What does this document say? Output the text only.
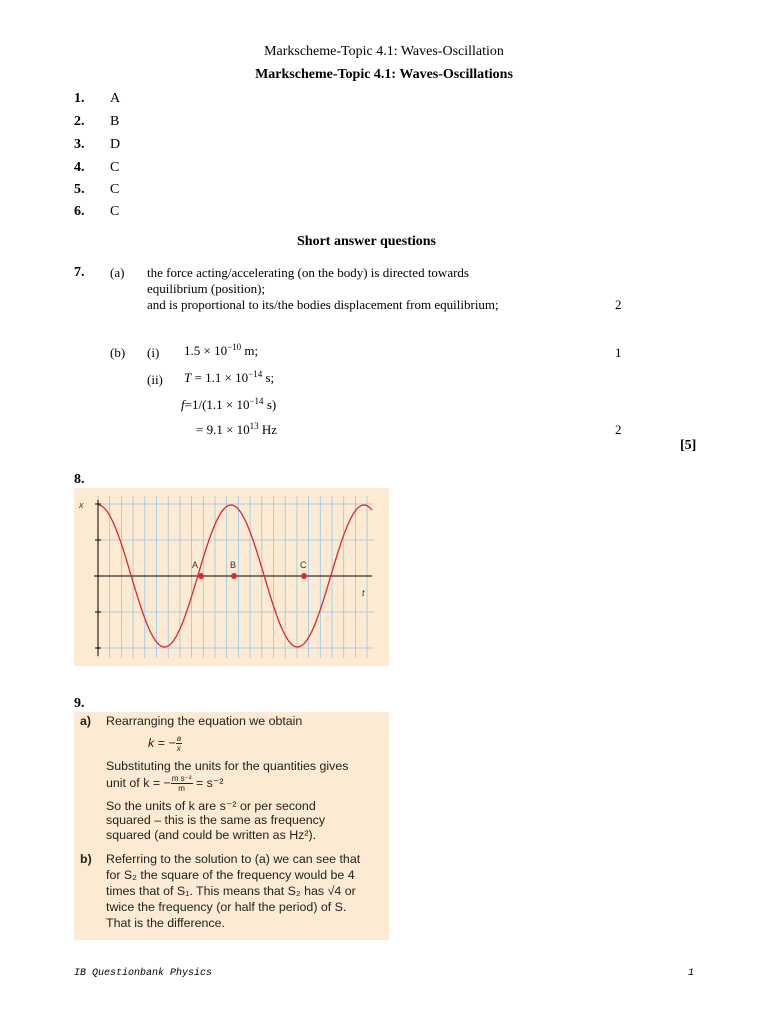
Markscheme-Topic 4.1: Waves-Oscillation
Markscheme-Topic 4.1: Waves-Oscillations
1. A
2. B
3. D
4. C
5. C
6. C
Short answer questions
7. (a) the force acting/accelerating (on the body) is directed towards
equilibrium (position);
and is proportional to its/the bodies displacement from equilibrium;	2
(b) (i) $1.5 \times 10^{-10}$ m;	1
(ii) $T = 1.1 \times 10^{-14}$ s;
$f=1/(1.1 \times 10^{-14}$ s)
= $9.1 \times 10^{13}$ Hz	2
[5]
8.
x
t
A	B	C
9.
a) Rearranging the equation we obtain
k = − $\frac{a}{x}$
Substituting the units for the quantities gives
unit of k = − $\frac{\text{m s⁻²}}{m} = s^{-2}$
So the units of k are s⁻² or per second
squared – this is the same as frequency
squared (and could be written as Hz²).
b) Referring to the solution to (a) we can see that
for S₂ the square of the frequency would be 4
times that of S₁. This means that S₂ has √4 or
twice the frequency (or half the period) of S.
That is the difference.
IB Questionbank Physics	1
